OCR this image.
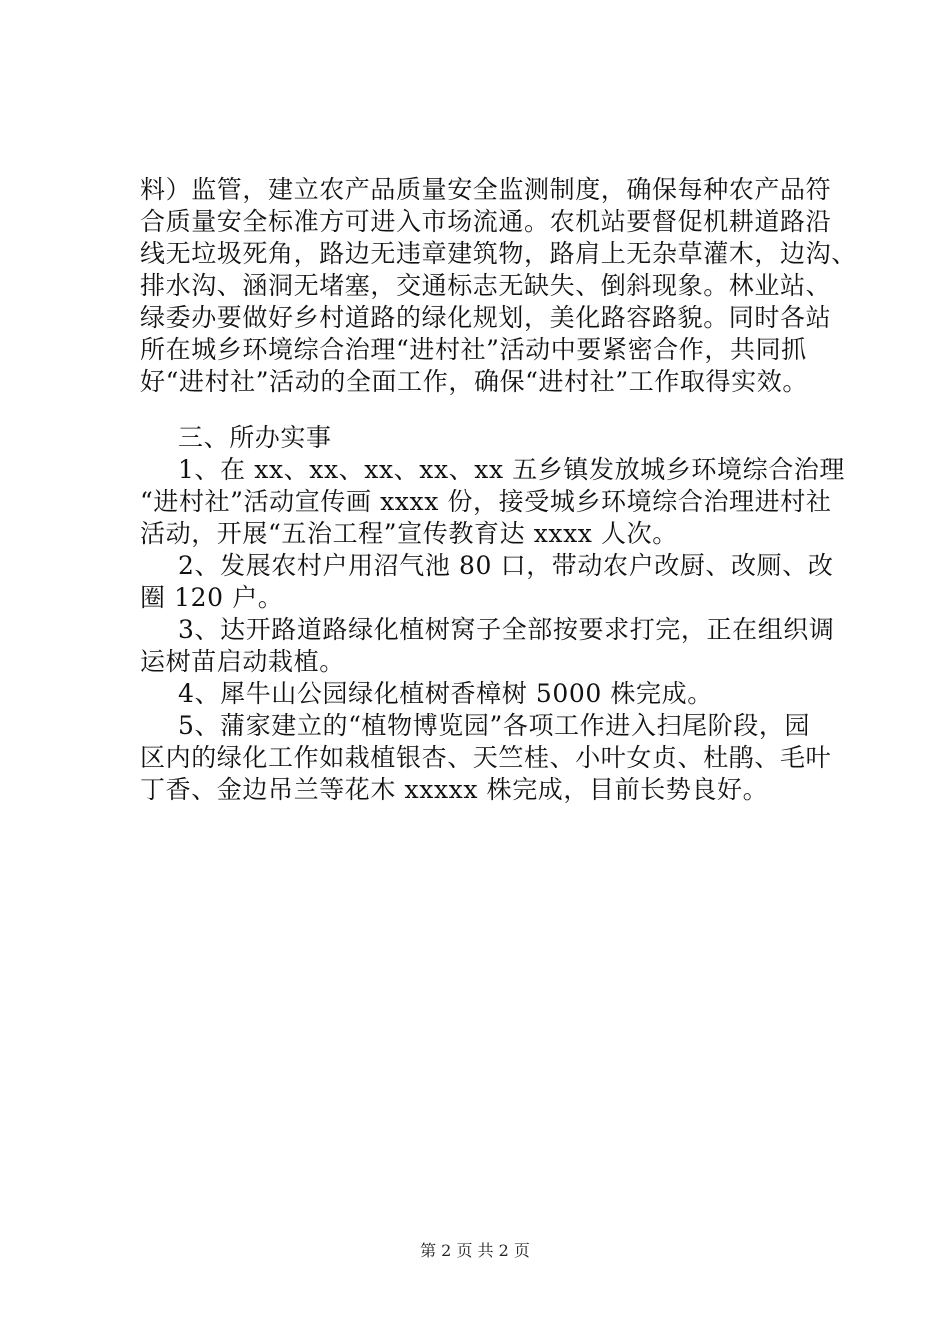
料）监管，建立农产品质量安全监测制度，确保每种农产品符
合质量安全标准方可进入市场流通。农机站要督促机耕道路沿
线无垃圾死角，路边无违章建筑物，路肩上无杂草灌木，边沟、
排水沟、涵洞无堵塞，交通标志无缺失、倒斜现象。林业站、
绿委办要做好乡村道路的绿化规划，美化路容路貌。同时各站
所在城乡环境综合治理“进村社”活动中要紧密合作，共同抓
好“进村社”活动的全面工作，确保“进村社”工作取得实效。
三、所办实事
1、在 xx、xx、xx、xx、xx 五乡镇发放城乡环境综合治理
“进村社”活动宣传画 xxxx 份，接受城乡环境综合治理进村社
活动，开展“五治工程”宣传教育达 xxxx 人次。
2、发展农村户用沼气池 80 口，带动农户改厨、改厕、改
圈 120 户。
3、达开路道路绿化植树窝子全部按要求打完，正在组织调
运树苗启动栽植。
4、犀牛山公园绿化植树香樟树 5000 株完成。
5、蒲家建立的“植物博览园”各项工作进入扫尾阶段，园
区内的绿化工作如栽植银杏、天竺桂、小叶女贞、杜鹃、毛叶
丁香、金边吊兰等花木 xxxxx 株完成，目前长势良好。
第 2 页 共 2 页
